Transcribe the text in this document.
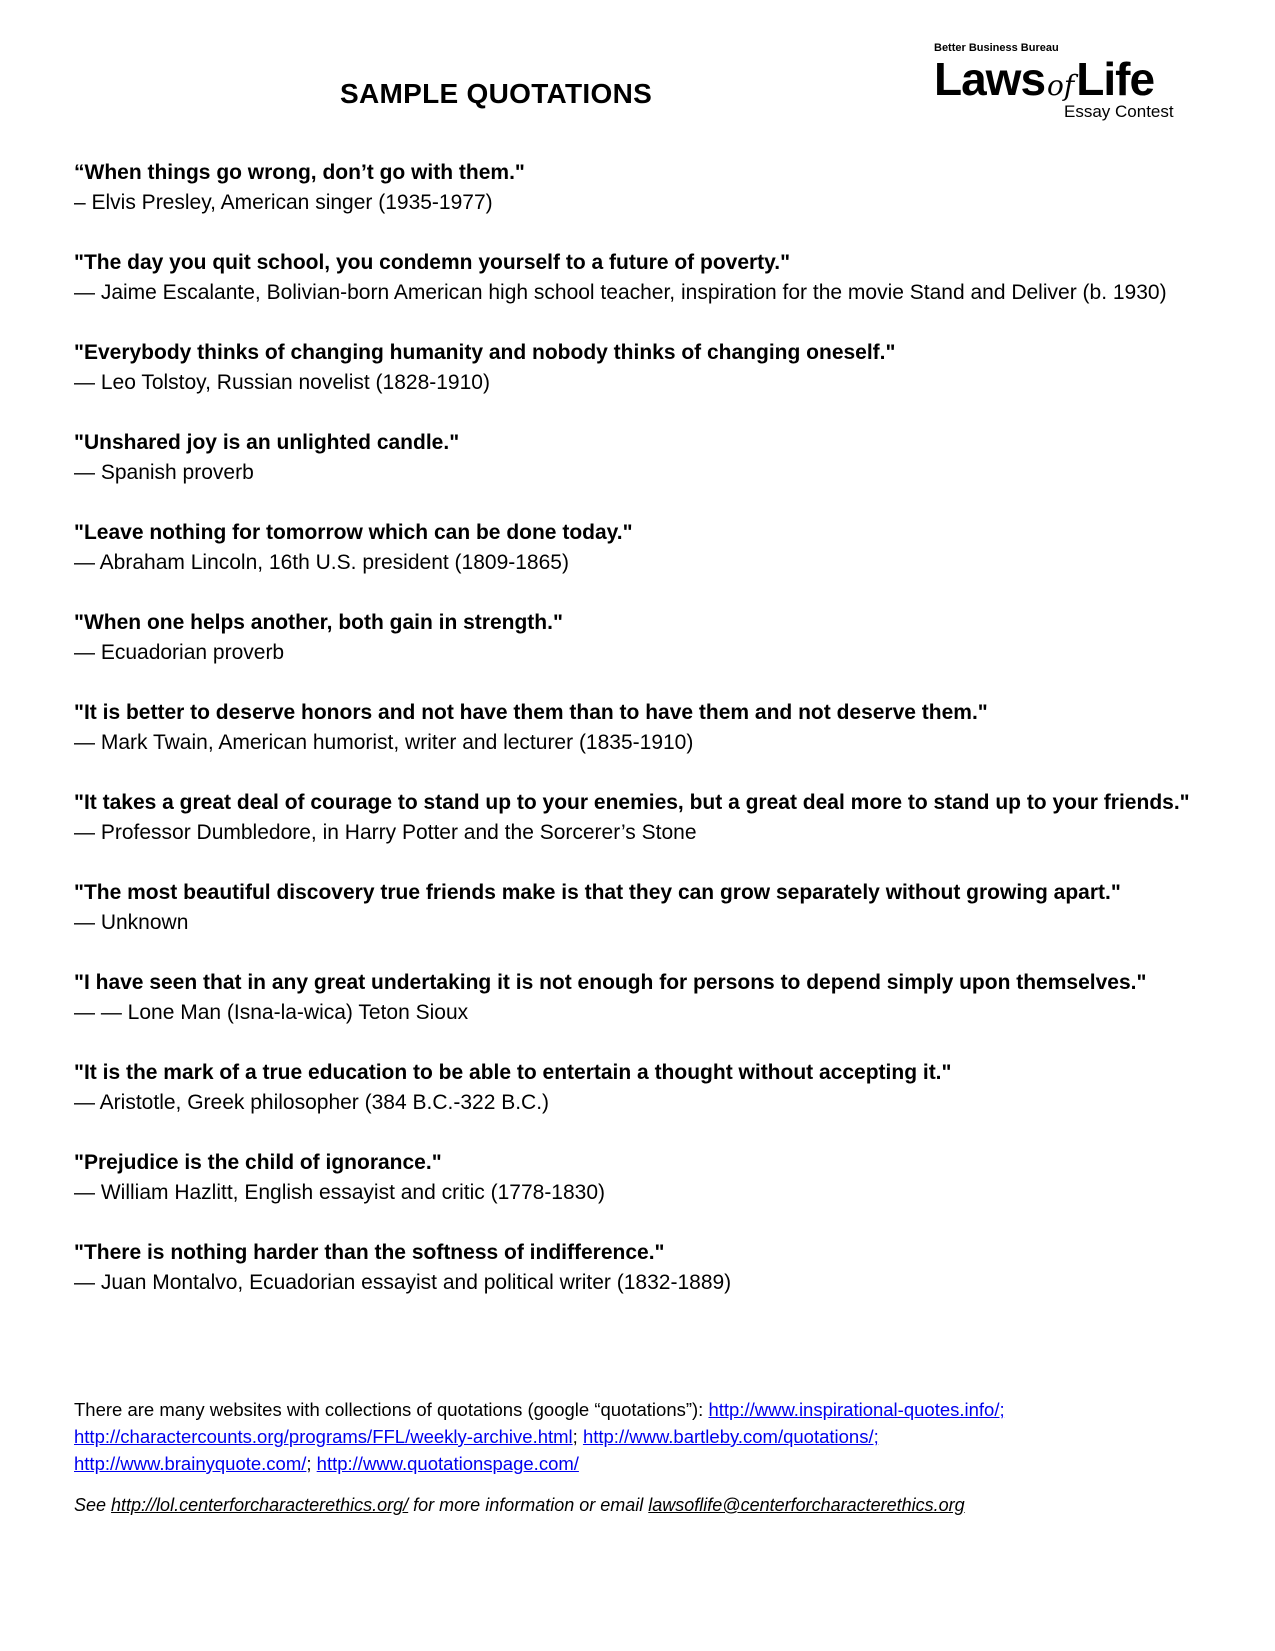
SAMPLE QUOTATIONS
Better Business Bureau
LawsofLife
Essay Contest
“When things go wrong, don’t go with them."
– Elvis Presley, American singer (1935-1977)
"The day you quit school, you condemn yourself to a future of poverty."
— Jaime Escalante, Bolivian-born American high school teacher, inspiration for the movie Stand and Deliver (b. 1930)
"Everybody thinks of changing humanity and nobody thinks of changing oneself."
— Leo Tolstoy, Russian novelist (1828-1910)
"Unshared joy is an unlighted candle."
— Spanish proverb
"Leave nothing for tomorrow which can be done today."
— Abraham Lincoln, 16th U.S. president (1809-1865)
"When one helps another, both gain in strength."
— Ecuadorian proverb
"It is better to deserve honors and not have them than to have them and not deserve them."
— Mark Twain, American humorist, writer and lecturer (1835-1910)
"It takes a great deal of courage to stand up to your enemies, but a great deal more to stand up to your friends."
— Professor Dumbledore, in Harry Potter and the Sorcerer’s Stone
"The most beautiful discovery true friends make is that they can grow separately without growing apart."
— Unknown
"I have seen that in any great undertaking it is not enough for persons to depend simply upon themselves."
— — Lone Man (Isna-la-wica) Teton Sioux
"It is the mark of a true education to be able to entertain a thought without accepting it."
— Aristotle, Greek philosopher (384 B.C.-322 B.C.)
"Prejudice is the child of ignorance."
— William Hazlitt, English essayist and critic (1778-1830)
"There is nothing harder than the softness of indifference."
— Juan Montalvo, Ecuadorian essayist and political writer (1832-1889)
There are many websites with collections of quotations (google “quotations”): http://www.inspirational-quotes.info/;
http://charactercounts.org/programs/FFL/weekly-archive.html; http://www.bartleby.com/quotations/;
http://www.brainyquote.com/; http://www.quotationspage.com/
See http://lol.centerforcharacterethics.org/ for more information or email lawsoflife@centerforcharacterethics.org
